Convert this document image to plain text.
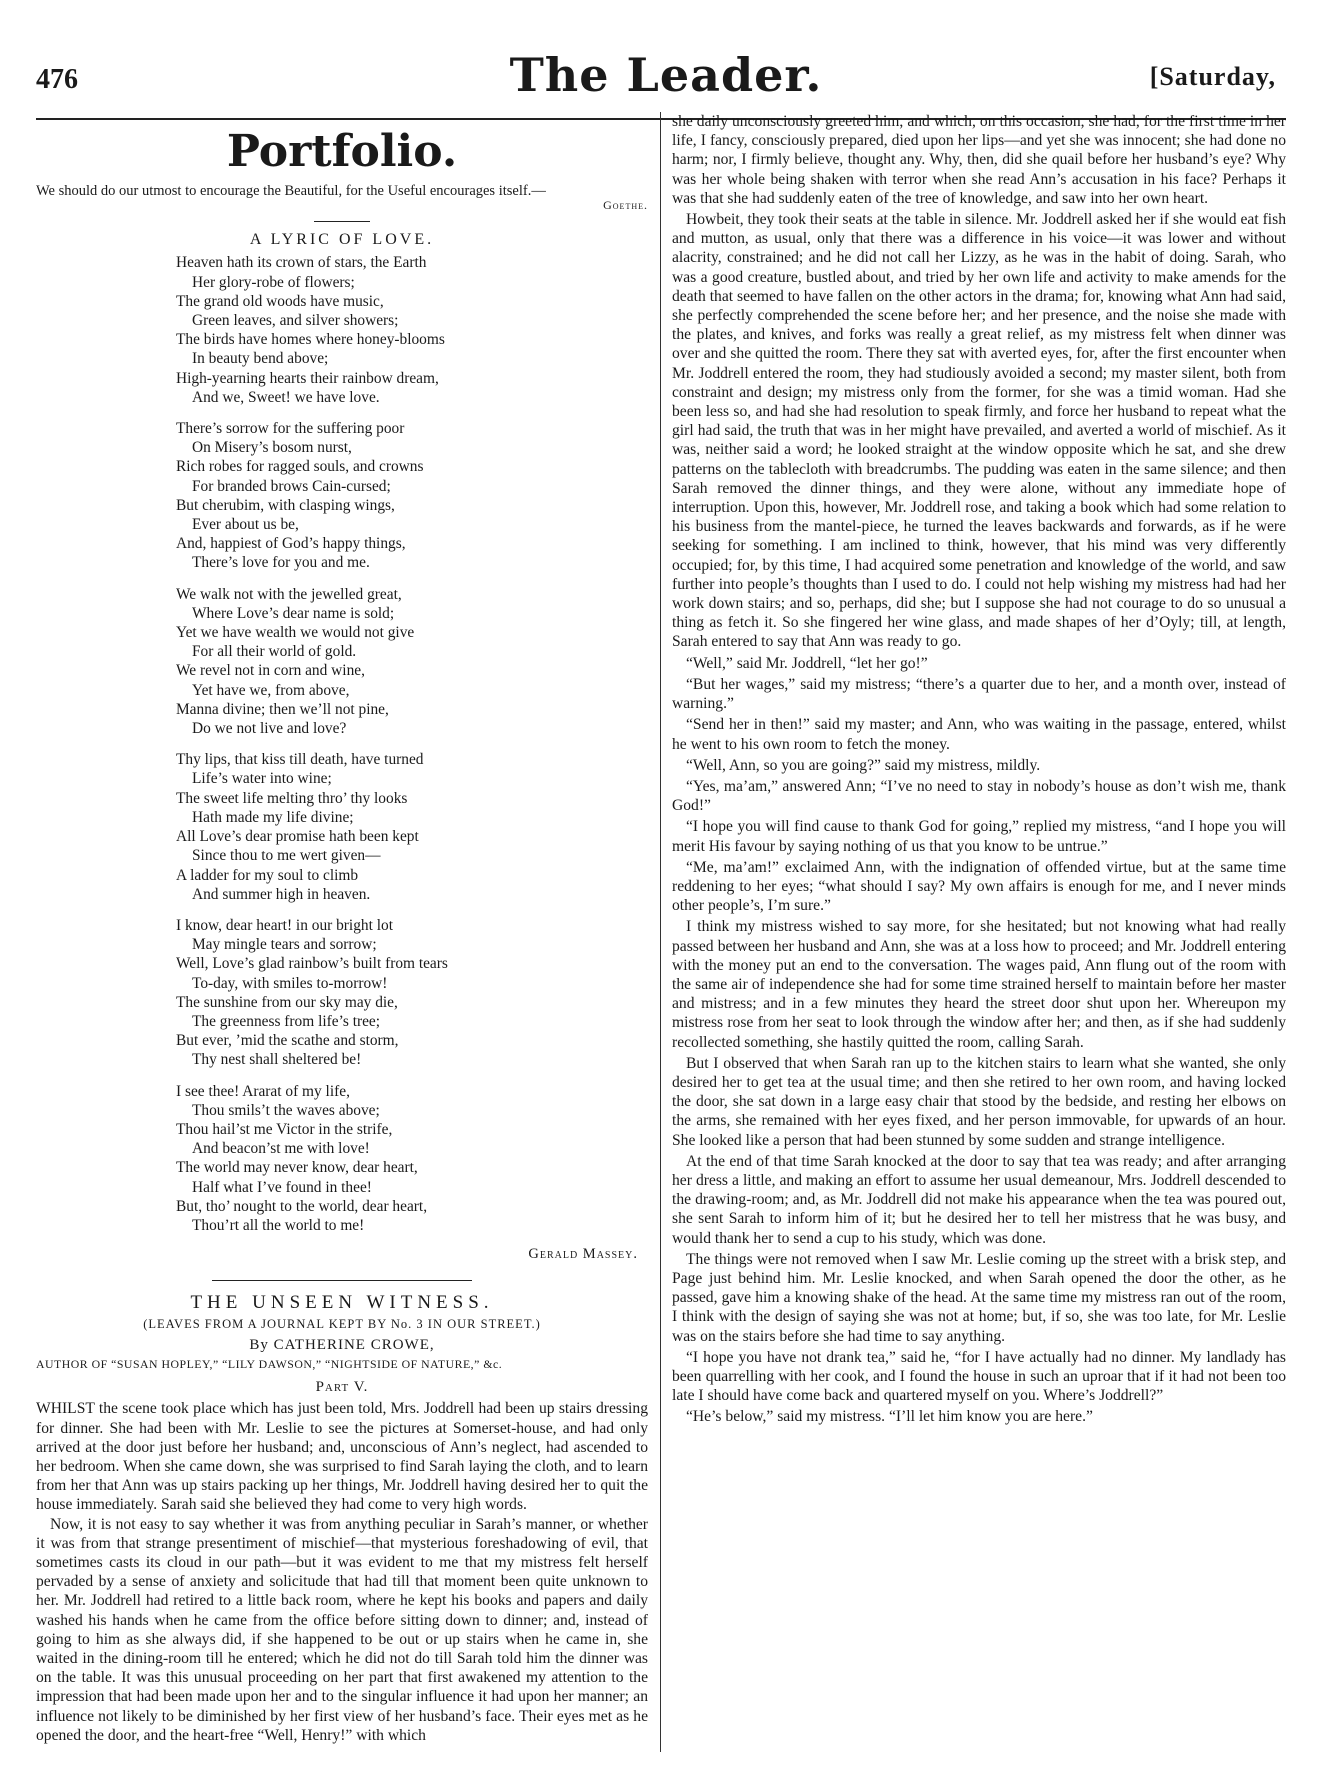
476	The Leader.	[Saturday,
Portfolio.
We should do our utmost to encourage the Beautiful, for the Useful encourages itself.—
Goethe.
A LYRIC OF LOVE.
Heaven hath its crown of stars, the Earth
Her glory-robe of flowers;
The grand old woods have music,
Green leaves, and silver showers;
The birds have homes where honey-blooms
In beauty bend above;
High-yearning hearts their rainbow dream,
And we, Sweet! we have love.
There’s sorrow for the suffering poor
On Misery’s bosom nurst,
Rich robes for ragged souls, and crowns
For branded brows Cain-cursed;
But cherubim, with clasping wings,
Ever about us be,
And, happiest of God’s happy things,
There’s love for you and me.
We walk not with the jewelled great,
Where Love’s dear name is sold;
Yet we have wealth we would not give
For all their world of gold.
We revel not in corn and wine,
Yet have we, from above,
Manna divine; then we’ll not pine,
Do we not live and love?
Thy lips, that kiss till death, have turned
Life’s water into wine;
The sweet life melting thro’ thy looks
Hath made my life divine;
All Love’s dear promise hath been kept
Since thou to me wert given—
A ladder for my soul to climb
And summer high in heaven.
I know, dear heart! in our bright lot
May mingle tears and sorrow;
Well, Love’s glad rainbow’s built from tears
To-day, with smiles to-morrow!
The sunshine from our sky may die,
The greenness from life’s tree;
But ever, ’mid the scathe and storm,
Thy nest shall sheltered be!
I see thee! Ararat of my life,
Thou smils’t the waves above;
Thou hail’st me Victor in the strife,
And beacon’st me with love!
The world may never know, dear heart,
Half what I’ve found in thee!
But, tho’ nought to the world, dear heart,
Thou’rt all the world to me!
Gerald Massey.
THE UNSEEN WITNESS.
(LEAVES FROM A JOURNAL KEPT BY No. 3 IN OUR STREET.)
By CATHERINE CROWE,
AUTHOR OF “SUSAN HOPLEY,” “LILY DAWSON,” “NIGHTSIDE OF NATURE,” &c.
Part V.

WHILST the scene took place which has just been told, Mrs. Joddrell had been up stairs dressing for dinner. She had been with Mr. Leslie to see the pictures at Somerset-house, and had only arrived at the door just before her husband; and, unconscious of Ann’s neglect, had ascended to her bedroom. When she came down, she was surprised to find Sarah laying the cloth, and to learn from her that Ann was up stairs packing up her things, Mr. Joddrell having desired her to quit the house immediately. Sarah said she believed they had come to very high words.

Now, it is not easy to say whether it was from anything peculiar in Sarah’s manner, or whether it was from that strange presentiment of mischief—that mysterious foreshadowing of evil, that sometimes casts its cloud in our path—but it was evident to me that my mistress felt herself pervaded by a sense of anxiety and solicitude that had till that moment been quite unknown to her. Mr. Joddrell had retired to a little back room, where he kept his books and papers and daily washed his hands when he came from the office before sitting down to dinner; and, instead of going to him as she always did, if she happened to be out or up stairs when he came in, she waited in the dining-room till he entered; which he did not do till Sarah told him the dinner was on the table. It was this unusual proceeding on her part that first awakened my attention to the impression that had been made upon her and to the singular influence it had upon her manner; an influence not likely to be diminished by her first view of her husband’s face. Their eyes met as he opened the door, and the heart-free “Well, Henry!” with which

she daily unconsciously greeted him, and which, on this occasion, she had, for the first time in her life, I fancy, consciously prepared, died upon her lips—and yet she was innocent; she had done no harm; nor, I firmly believe, thought any. Why, then, did she quail before her husband’s eye? Why was her whole being shaken with terror when she read Ann’s accusation in his face? Perhaps it was that she had suddenly eaten of the tree of knowledge, and saw into her own heart.

Howbeit, they took their seats at the table in silence. Mr. Joddrell asked her if she would eat fish and mutton, as usual, only that there was a difference in his voice—it was lower and without alacrity, constrained; and he did not call her Lizzy, as he was in the habit of doing. Sarah, who was a good creature, bustled about, and tried by her own life and activity to make amends for the death that seemed to have fallen on the other actors in the drama; for, knowing what Ann had said, she perfectly comprehended the scene before her; and her presence, and the noise she made with the plates, and knives, and forks was really a great relief, as my mistress felt when dinner was over and she quitted the room. There they sat with averted eyes, for, after the first encounter when Mr. Joddrell entered the room, they had studiously avoided a second; my master silent, both from constraint and design; my mistress only from the former, for she was a timid woman. Had she been less so, and had she had resolution to speak firmly, and force her husband to repeat what the girl had said, the truth that was in her might have prevailed, and averted a world of mischief. As it was, neither said a word; he looked straight at the window opposite which he sat, and she drew patterns on the tablecloth with breadcrumbs. The pudding was eaten in the same silence; and then Sarah removed the dinner things, and they were alone, without any immediate hope of interruption. Upon this, however, Mr. Joddrell rose, and taking a book which had some relation to his business from the mantel-piece, he turned the leaves backwards and forwards, as if he were seeking for something. I am inclined to think, however, that his mind was very differently occupied; for, by this time, I had acquired some penetration and knowledge of the world, and saw further into people’s thoughts than I used to do. I could not help wishing my mistress had had her work down stairs; and so, perhaps, did she; but I suppose she had not courage to do so unusual a thing as fetch it. So she fingered her wine glass, and made shapes of her d’Oyly; till, at length, Sarah entered to say that Ann was ready to go.

“Well,” said Mr. Joddrell, “let her go!”

“But her wages,” said my mistress; “there’s a quarter due to her, and a month over, instead of warning.”

“Send her in then!” said my master; and Ann, who was waiting in the passage, entered, whilst he went to his own room to fetch the money.

“Well, Ann, so you are going?” said my mistress, mildly.

“Yes, ma’am,” answered Ann; “I’ve no need to stay in nobody’s house as don’t wish me, thank God!”

“I hope you will find cause to thank God for going,” replied my mistress, “and I hope you will merit His favour by saying nothing of us that you know to be untrue.”

“Me, ma’am!” exclaimed Ann, with the indignation of offended virtue, but at the same time reddening to her eyes; “what should I say? My own affairs is enough for me, and I never minds other people’s, I’m sure.”

I think my mistress wished to say more, for she hesitated; but not knowing what had really passed between her husband and Ann, she was at a loss how to proceed; and Mr. Joddrell entering with the money put an end to the conversation. The wages paid, Ann flung out of the room with the same air of independence she had for some time strained herself to maintain before her master and mistress; and in a few minutes they heard the street door shut upon her. Whereupon my mistress rose from her seat to look through the window after her; and then, as if she had suddenly recollected something, she hastily quitted the room, calling Sarah.

But I observed that when Sarah ran up to the kitchen stairs to learn what she wanted, she only desired her to get tea at the usual time; and then she retired to her own room, and having locked the door, she sat down in a large easy chair that stood by the bedside, and resting her elbows on the arms, she remained with her eyes fixed, and her person immovable, for upwards of an hour. She looked like a person that had been stunned by some sudden and strange intelligence.

At the end of that time Sarah knocked at the door to say that tea was ready; and after arranging her dress a little, and making an effort to assume her usual demeanour, Mrs. Joddrell descended to the drawing-room; and, as Mr. Joddrell did not make his appearance when the tea was poured out, she sent Sarah to inform him of it; but he desired her to tell her mistress that he was busy, and would thank her to send a cup to his study, which was done.

The things were not removed when I saw Mr. Leslie coming up the street with a brisk step, and Page just behind him. Mr. Leslie knocked, and when Sarah opened the door the other, as he passed, gave him a knowing shake of the head. At the same time my mistress ran out of the room, I think with the design of saying she was not at home; but, if so, she was too late, for Mr. Leslie was on the stairs before she had time to say anything.

“I hope you have not drank tea,” said he, “for I have actually had no dinner. My landlady has been quarrelling with her cook, and I found the house in such an uproar that if it had not been too late I should have come back and quartered myself on you. Where’s Joddrell?”

“He’s below,” said my mistress. “I’ll let him know you are here.”
